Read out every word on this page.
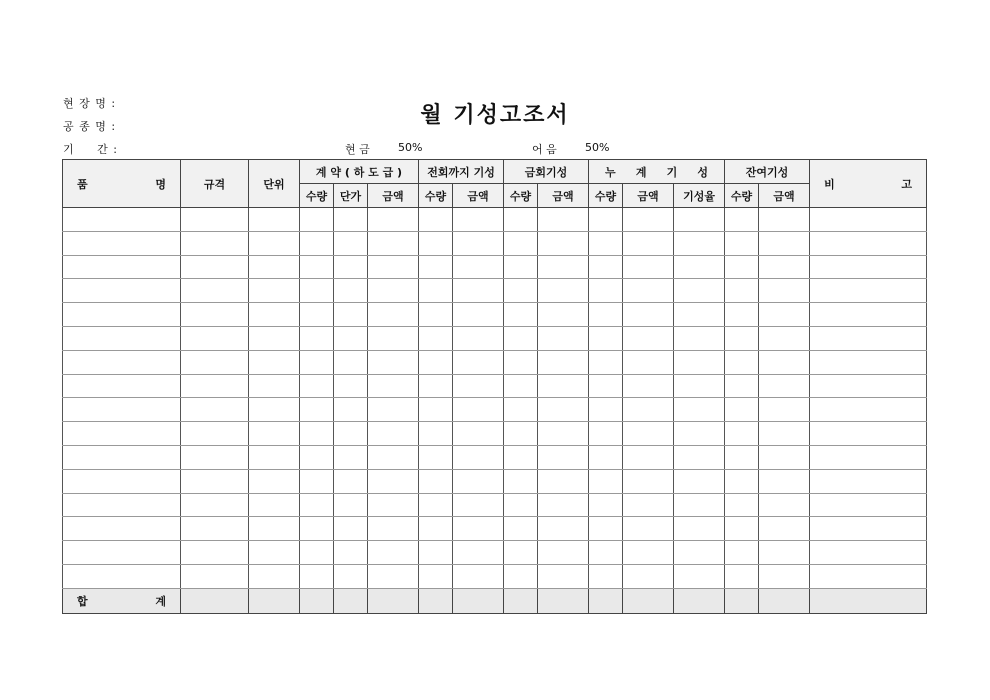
현 장 명 :
공 종 명 :
기     간 :
월 기성고조서
현 금	50%	어 음	50%
품 명	규격	단위	계 약 ( 하 도 급 )			전회까지 기성		금회기성		누 계 기 성			잔여기성		비 고

			수량	단가	금액	수량	금액	수량	금액	수량	금액	기성율	수량	금액	

합 계															
